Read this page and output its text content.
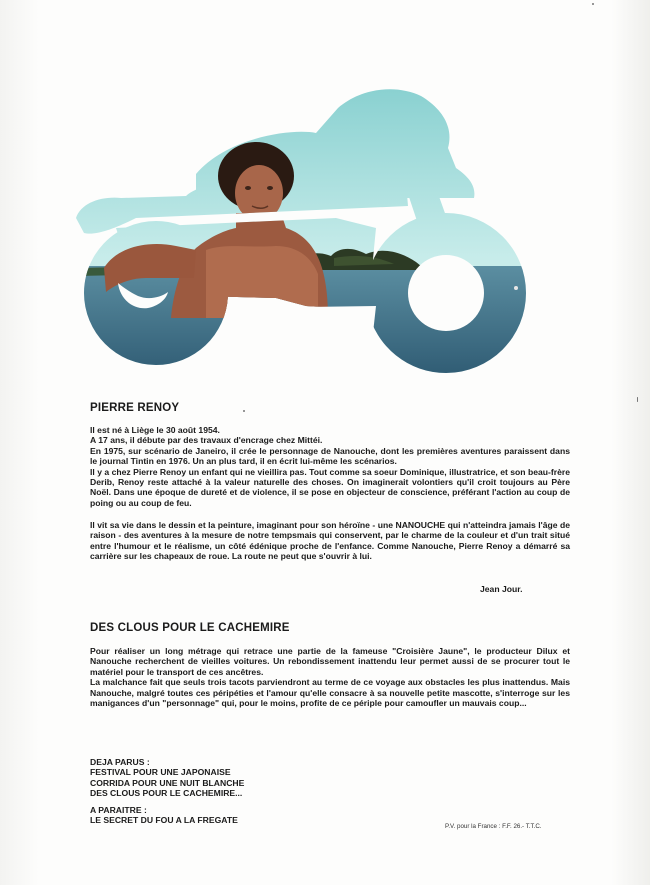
PIERRE RENOY

Il est né à Liège le 30 août 1954.
A 17 ans, il débute par des travaux d'encrage chez Mittéi.
En 1975, sur scénario de Janeiro, il crée le personnage de Nanouche, dont les premières aventures paraissent dans le journal Tintin en 1976. Un an plus tard, il en écrit lui-même les scénarios.
Il y a chez Pierre Renoy un enfant qui ne vieillira pas. Tout comme sa soeur Dominique, illustratrice, et son beau-frère Derib, Renoy reste attaché à la valeur naturelle des choses. On imaginerait volontiers qu'il croit toujours au Père Noël. Dans une époque de dureté et de violence, il se pose en objecteur de conscience, préférant l'action au coup de poing ou au coup de feu.

Il vit sa vie dans le dessin et la peinture, imaginant pour son héroïne - une NANOUCHE qui n'atteindra jamais l'âge de raison - des aventures à la mesure de notre tempsmais qui conservent, par le charme de la couleur et d'un trait situé entre l'humour et le réalisme, un côté édénique proche de l'enfance. Comme Nanouche, Pierre Renoy a démarré sa carrière sur les chapeaux de roue. La route ne peut que s'ouvrir à lui.

Jean Jour.
DES CLOUS POUR LE CACHEMIRE

Pour réaliser un long métrage qui retrace une partie de la fameuse "Croisière Jaune", le producteur Dilux et Nanouche recherchent de vieilles voitures. Un rebondissement inattendu leur permet aussi de se procurer tout le matériel pour le transport de ces ancêtres.
La malchance fait que seuls trois tacots parviendront au terme de ce voyage aux obstacles les plus inattendus. Mais Nanouche, malgré toutes ces péripéties et l'amour qu'elle consacre à sa nouvelle petite mascotte, s'interroge sur les manigances d'un "personnage" qui, pour le moins, profite de ce périple pour camoufler un mauvais coup...

DEJA PARUS :
FESTIVAL POUR UNE JAPONAISE
CORRIDA POUR UNE NUIT BLANCHE
DES CLOUS POUR LE CACHEMIRE...
A PARAITRE :
LE SECRET DU FOU A LA FREGATE
P.V. pour la France : F.F. 26.- T.T.C.
